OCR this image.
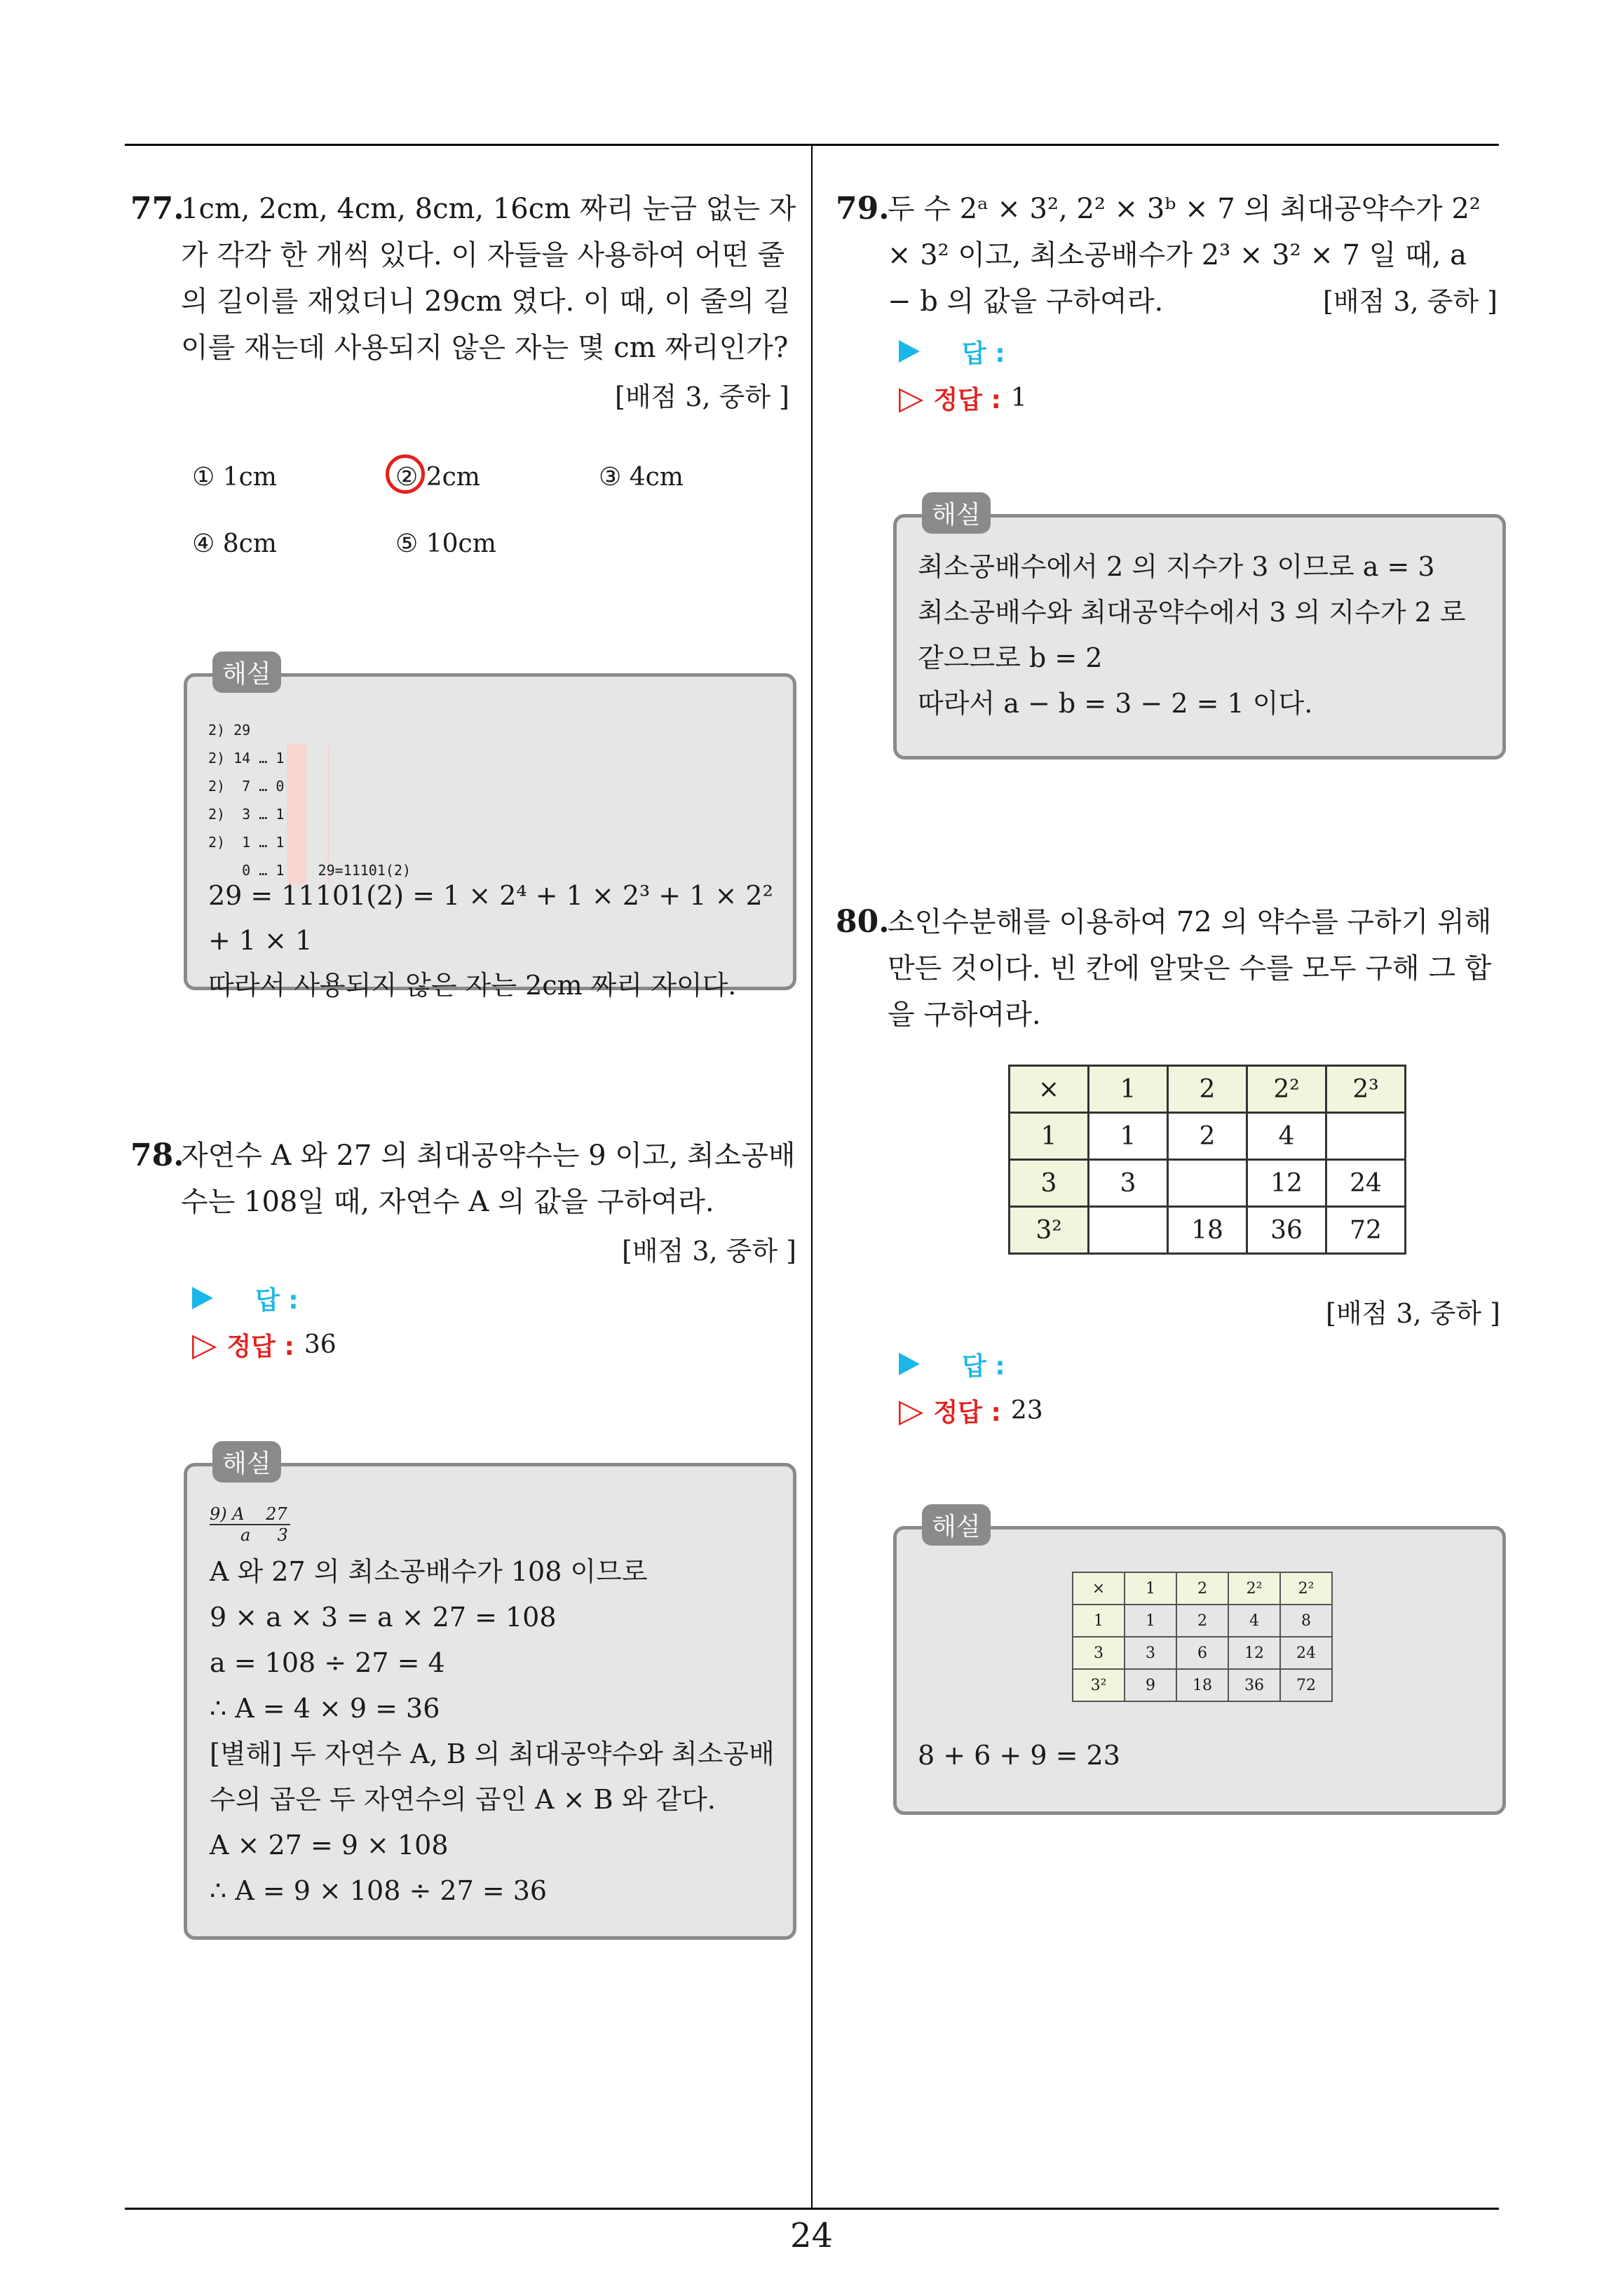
77.
1cm, 2cm, 4cm, 8cm, 16cm 짜리 눈금 없는 자가 각각 한 개씩 있다. 이 자들을 사용하여 어떤 줄의 길이를 재었더니 29cm 였다. 이 때, 이 줄의 길이를 재는데 사용되지 않은 자는 몇 cm 짜리인가?
[배점 3, 중하 ]
① 1cm	② 2cm	③ 4cm
④ 8cm	⑤ 10cm
해설
2) 29
2) 14 … 1
2)  7 … 0
2)  3 … 1
2)  1 … 1
0 … 1    29=11101(2)
29 = 11101(2) = 1 × 2⁴ + 1 × 2³ + 1 × 2² + 1 × 1
따라서 사용되지 않은 자는 2cm 짜리 자이다.
78.
자연수 A 와 27 의 최대공약수는 9 이고, 최소공배수는 108일 때, 자연수 A 의 값을 구하여라.
[배점 3, 중하 ]
답 :
▷ 정답 : 36
해설
9) A    27
a     3
A 와 27 의 최소공배수가 108 이므로
9 × a × 3 = a × 27 = 108
a = 108 ÷ 27 = 4
∴ A = 4 × 9 = 36
[별해] 두 자연수 A, B 의 최대공약수와 최소공배
수의 곱은 두 자연수의 곱인 A × B 와 같다.
A × 27 = 9 × 108
∴ A = 9 × 108 ÷ 27 = 36
79.
두 수 2ᵃ × 3², 2² × 3ᵇ × 7 의 최대공약수가 2² × 3² 이고, 최소공배수가 2³ × 3² × 7 일 때, a − b 의 값을 구하여라.	[배점 3, 중하 ]
답 :
▷ 정답 : 1
해설
최소공배수에서 2 의 지수가 3 이므로 a = 3
최소공배수와 최대공약수에서 3 의 지수가 2 로
같으므로 b = 2
따라서 a − b = 3 − 2 = 1 이다.
80.
소인수분해를 이용하여 72 의 약수를 구하기 위해 만든 것이다. 빈 칸에 알맞은 수를 모두 구해 그 합을 구하여라.
×	1	2	2²	2³
1	1	2	4	
3	3		12	24
3²		18	36	72
[배점 3, 중하 ]
답 :
▷ 정답 : 23
해설
×	1	2	2²	2²
1	1	2	4	8
3	3	6	12	24
3²	9	18	36	72
8 + 6 + 9 = 23
24
